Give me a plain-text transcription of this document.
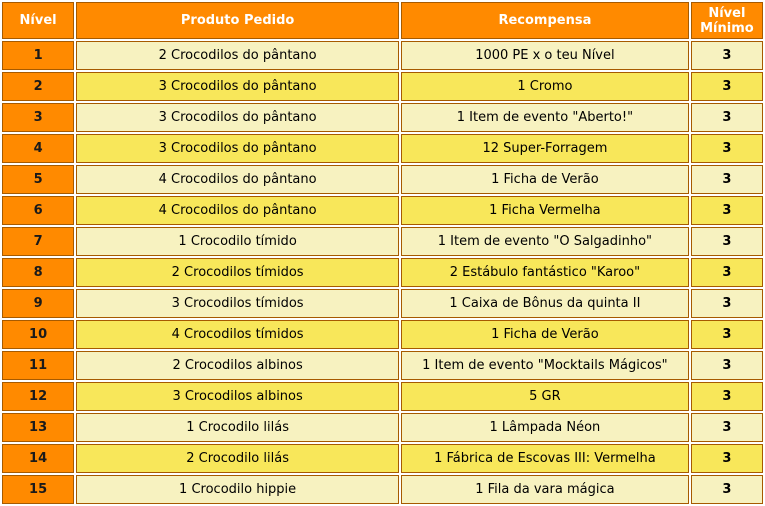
Nível	Produto Pedido	Recompensa	Nível
Mínimo
1	2 Crocodilos do pântano	1000 PE x o teu Nível	3
2	3 Crocodilos do pântano	1 Cromo	3
3	3 Crocodilos do pântano	1 Item de evento "Aberto!"	3
4	3 Crocodilos do pântano	12 Super-Forragem	3
5	4 Crocodilos do pântano	1 Ficha de Verão	3
6	4 Crocodilos do pântano	1 Ficha Vermelha	3
7	1 Crocodilo tímido	1 Item de evento "O Salgadinho"	3
8	2 Crocodilos tímidos	2 Estábulo fantástico "Karoo"	3
9	3 Crocodilos tímidos	1 Caixa de Bônus da quinta II	3
10	4 Crocodilos tímidos	1 Ficha de Verão	3
11	2 Crocodilos albinos	1 Item de evento "Mocktails Mágicos"	3
12	3 Crocodilos albinos	5 GR	3
13	1 Crocodilo lilás	1 Lâmpada Néon	3
14	2 Crocodilo lilás	1 Fábrica de Escovas III: Vermelha	3
15	1 Crocodilo hippie	1 Fila da vara mágica	3
